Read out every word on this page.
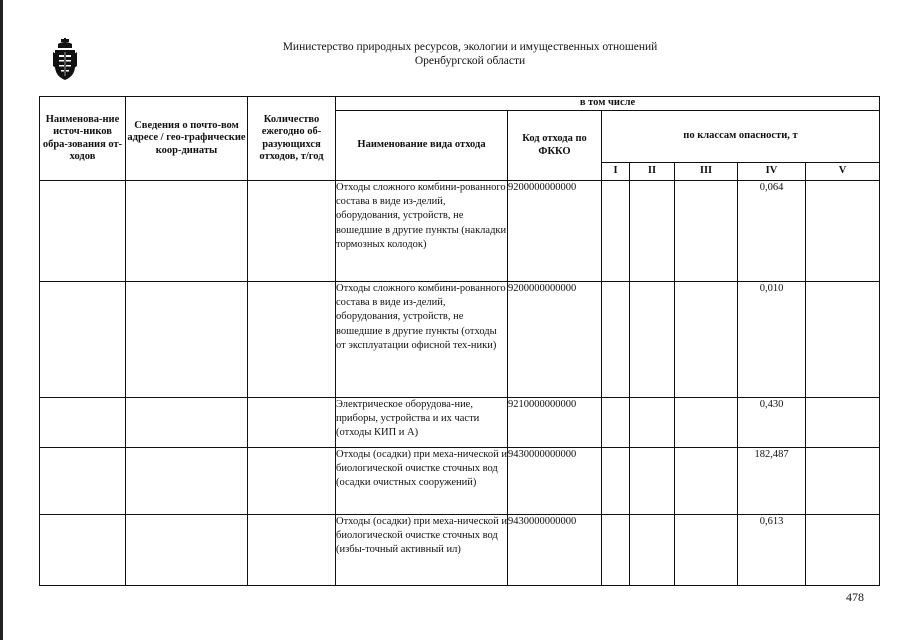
Министерство природных ресурсов, экологии и имущественных отношений
Оренбургской области
Наименова-ние источ-ников обра-зования от-ходов	Сведения о почто-вом адресе / гео-графические коор-динаты	Количество ежегодно об-разующихся отходов, т/год	в том числе						
			Наименование вида отхода	Код отхода по ФККО	по классам опасности, т				
					I	II	III	IV	V
			Отходы сложного комбини-рованного состава в виде из-делий, оборудования, устройств, не вошедшие в другие пункты (накладки тормозных колодок)	9200000000000				0,064	
			Отходы сложного комбини-рованного состава в виде из-делий, оборудования, устройств, не вошедшие в другие пункты (отходы от эксплуатации офисной тех-ники)	9200000000000				0,010	
			Электрическое оборудова-ние, приборы, устройства и их части (отходы КИП и А)	9210000000000				0,430	
			Отходы (осадки) при меха-нической и биологической очистке сточных вод (осадки очистных сооружений)	9430000000000				182,487	
			Отходы (осадки) при меха-нической и биологической очистке сточных вод (избы-точный активный ил)	9430000000000				0,613	
478
